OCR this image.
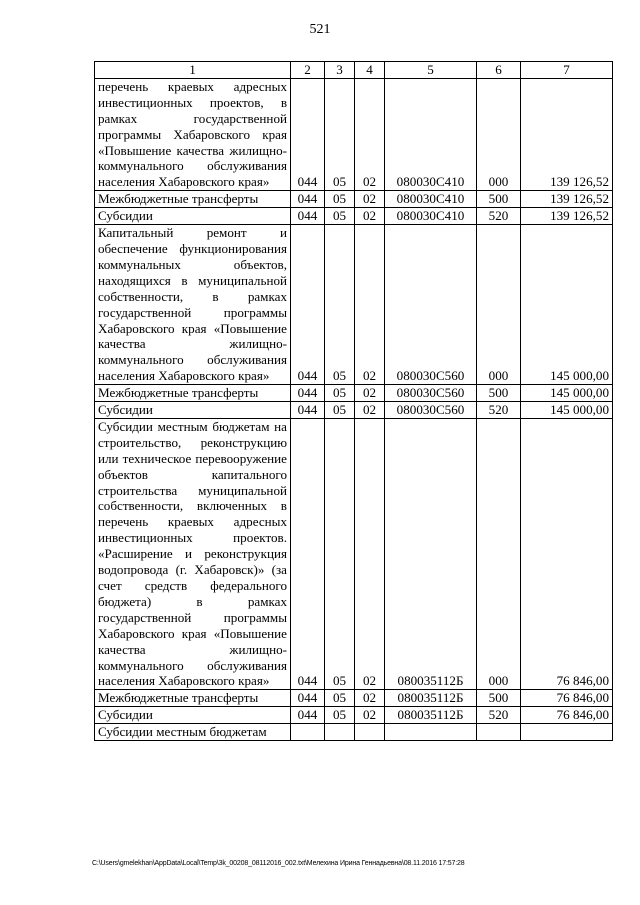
521
1	2	3	4	5	6	7
перечень краевых адресных инвестиционных проектов, в рамках государственной программы Хабаровского края «Повышение качества жилищно-коммунального обслуживания населения Хабаровского края»	044	05	02	080030С410	000	139 126,52
Межбюджетные трансферты	044	05	02	080030С410	500	139 126,52
Субсидии	044	05	02	080030С410	520	139 126,52
Капитальный ремонт и обеспечение функционирования коммунальных объектов, находящихся в муниципальной собственности, в рамках государственной программы Хабаровского края «Повышение качества жилищно-коммунального обслуживания населения Хабаровского края»	044	05	02	080030С560	000	145 000,00
Межбюджетные трансферты	044	05	02	080030С560	500	145 000,00
Субсидии	044	05	02	080030С560	520	145 000,00
Субсидии местным бюджетам на строительство, реконструкцию или техническое перевооружение объектов капитального строительства муниципальной собственности, включенных в перечень краевых адресных инвестиционных проектов. «Расширение и реконструкция водопровода (г. Хабаровск)» (за счет средств федерального бюджета) в рамках государственной программы Хабаровского края «Повышение качества жилищно-коммунального обслуживания населения Хабаровского края»	044	05	02	080035112Б	000	76 846,00
Межбюджетные трансферты	044	05	02	080035112Б	500	76 846,00
Субсидии	044	05	02	080035112Б	520	76 846,00
Субсидии местным бюджетам						
C:\Users\gmelekhan\AppData\Local\Temp\3k_00208_08112016_002.txt\Мелехина Ирина Геннадьевна\08.11.2016 17:57:28
